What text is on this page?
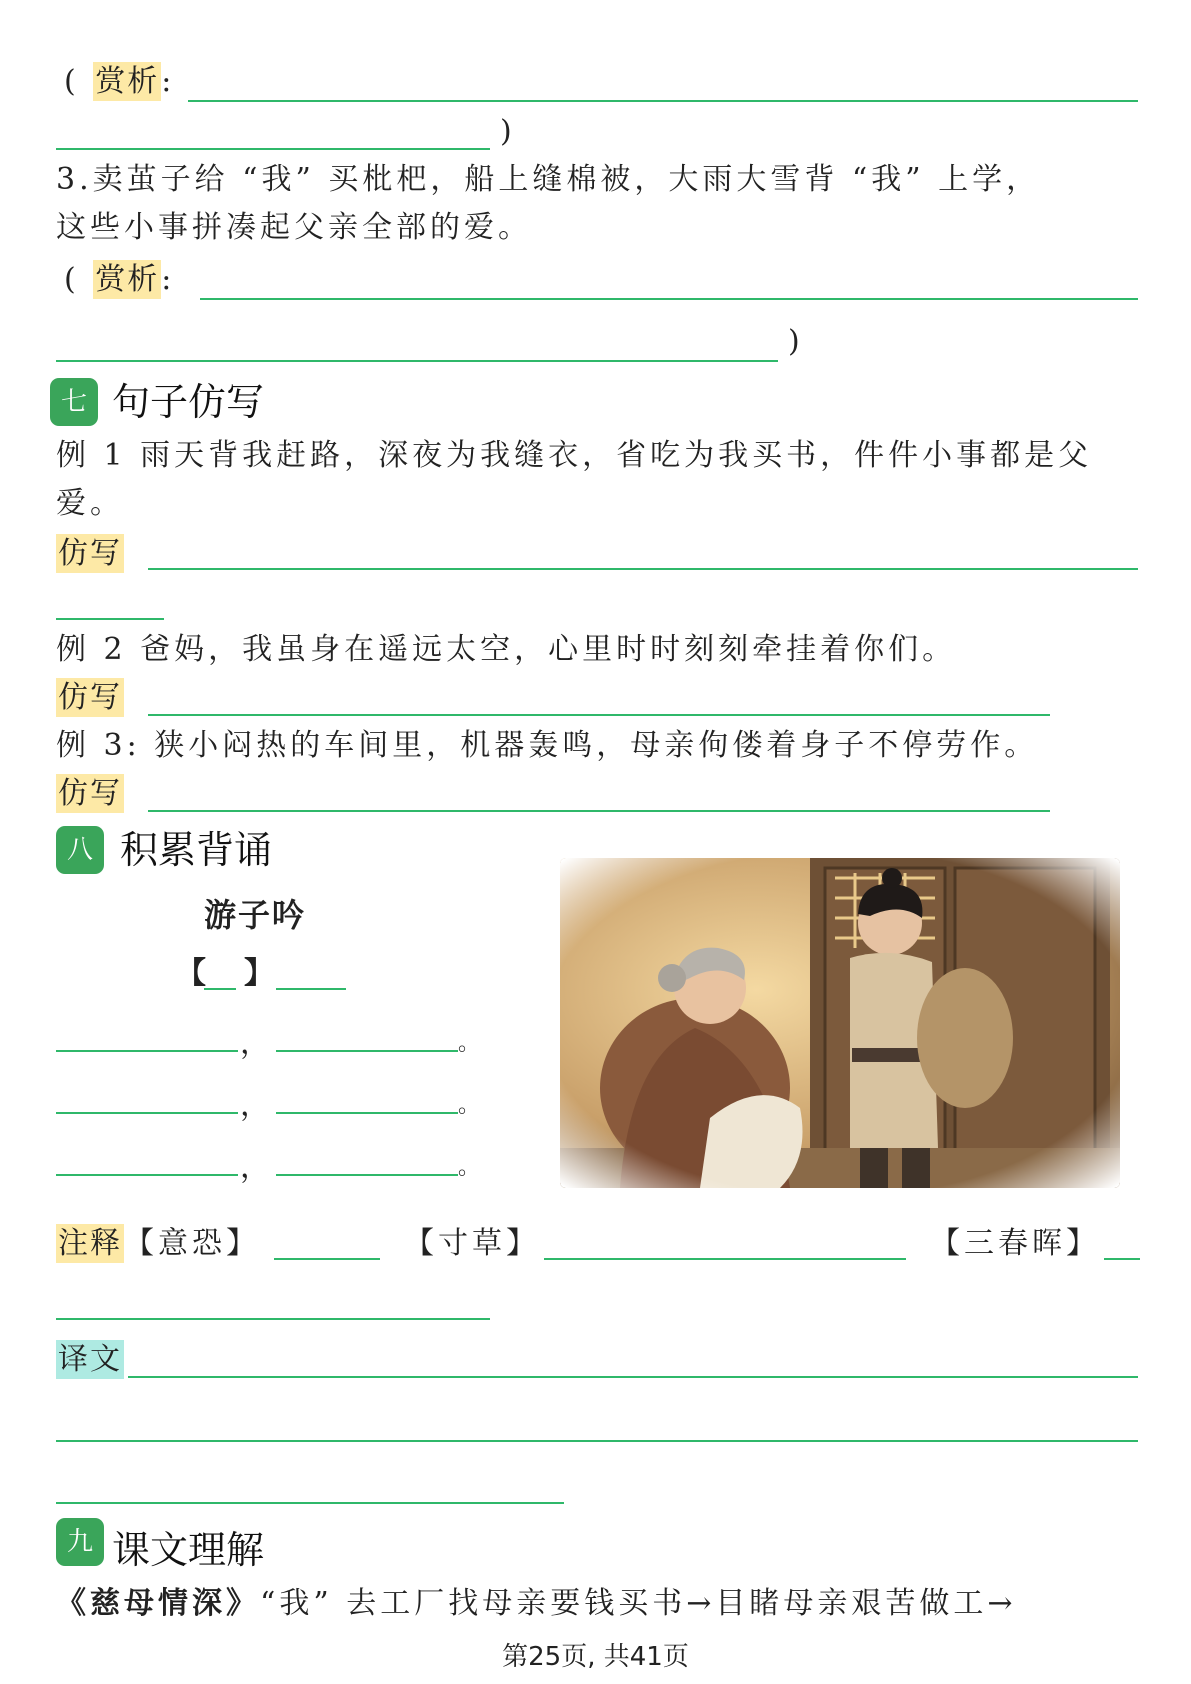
( 赏析:
)
3.卖茧子给 “我” 买枇杷，船上缝棉被，大雨大雪背 “我” 上学，
这些小事拼凑起父亲全部的爱。
( 赏析:
)
七 句子仿写
例 1 雨天背我赶路，深夜为我缝衣，省吃为我买书，件件小事都是父
爱。
仿写
例 2 爸妈，我虽身在遥远太空，心里时时刻刻牵挂着你们。
仿写
例 3: 狭小闷热的车间里，机器轰鸣，母亲佝偻着身子不停劳作。
仿写
八 积累背诵
游子吟
【 】
，	。
，	。
，	。
注释【意恐】	【寸草】	【三春晖】
译文
九 课文理解
《慈母情深》“我” 去工厂找母亲要钱买书→目睹母亲艰苦做工→
第25页, 共41页
